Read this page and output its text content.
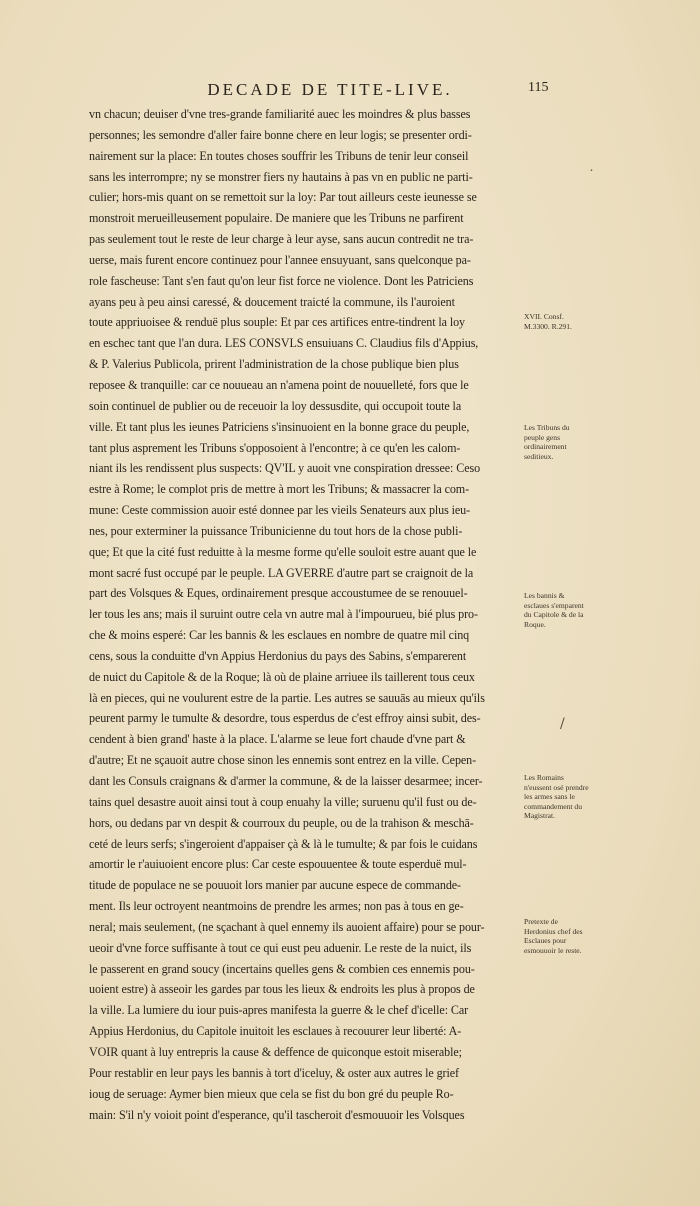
DECADE DE TITE-LIVE.	115
vn chacun; deuiser d'vne tres-grande familiarité auec les moindres & plus basses
personnes; les semondre d'aller faire bonne chere en leur logis; se presenter ordi-
nairement sur la place: En toutes choses souffrir les Tribuns de tenir leur conseil
sans les interrompre; ny se monstrer fiers ny hautains à pas vn en public ne parti-
culier; hors-mis quant on se remettoit sur la loy: Par tout ailleurs ceste ieunesse se
monstroit merueilleusement populaire. De maniere que les Tribuns ne parfirent
pas seulement tout le reste de leur charge à leur ayse, sans aucun contredit ne tra-
uerse, mais furent encore continuez pour l'annee ensuyuant, sans quelconque pa-
role fascheuse: Tant s'en faut qu'on leur fist force ne violence. Dont les Patriciens
ayans peu à peu ainsi caressé, & doucement traicté la commune, ils l'auroient
toute appriuoisee & renduë plus souple: Et par ces artifices entre-tindrent la loy
en eschec tant que l'an dura. LES CONSVLS ensuiuans C. Claudius fils d'Appius,
& P. Valerius Publicola, prirent l'administration de la chose publique bien plus
reposee & tranquille: car ce nouueau an n'amena point de nouuelleté, fors que le
soin continuel de publier ou de receuoir la loy dessusdite, qui occupoit toute la
ville. Et tant plus les ieunes Patriciens s'insinuoient en la bonne grace du peuple,
tant plus asprement les Tribuns s'opposoient à l'encontre; à ce qu'en les calom-
niant ils les rendissent plus suspects: QV'IL y auoit vne conspiration dressee: Ceso
estre à Rome; le complot pris de mettre à mort les Tribuns; & massacrer la com-
mune: Ceste commission auoir esté donnee par les vieils Senateurs aux plus ieu-
nes, pour exterminer la puissance Tribunicienne du tout hors de la chose publi-
que; Et que la cité fust reduitte à la mesme forme qu'elle souloit estre auant que le
mont sacré fust occupé par le peuple. LA GVERRE d'autre part se craignoit de la
part des Volsques & Eques, ordinairement presque accoustumee de se renouuel-
ler tous les ans; mais il suruint outre cela vn autre mal à l'impourueu, bié plus pro-
che & moins esperé: Car les bannis & les esclaues en nombre de quatre mil cinq
cens, sous la conduitte d'vn Appius Herdonius du pays des Sabins, s'emparerent
de nuict du Capitole & de la Roque; là où de plaine arriuee ils taillerent tous ceux
là en pieces, qui ne voulurent estre de la partie. Les autres se sauuās au mieux qu'ils
peurent parmy le tumulte & desordre, tous esperdus de c'est effroy ainsi subit, des-
cendent à bien grand' haste à la place. L'alarme se leue fort chaude d'vne part &
d'autre; Et ne sçauoit autre chose sinon les ennemis sont entrez en la ville. Cepen-
dant les Consuls craignans & d'armer la commune, & de la laisser desarmee; incer-
tains quel desastre auoit ainsi tout à coup enuahy la ville; suruenu qu'il fust ou de-
hors, ou dedans par vn despit & courroux du peuple, ou de la trahison & meschā-
ceté de leurs serfs; s'ingeroient d'appaiser çà & là le tumulte; & par fois le cuidans
amortir le r'auiuoient encore plus: Car ceste espouuentee & toute esperduë mul-
titude de populace ne se pouuoit lors manier par aucune espece de commande-
ment. Ils leur octroyent neantmoins de prendre les armes; non pas à tous en ge-
neral; mais seulement, (ne sçachant à quel ennemy ils auoient affaire) pour se pour-
ueoir d'vne force suffisante à tout ce qui eust peu aduenir. Le reste de la nuict, ils
le passerent en grand soucy (incertains quelles gens & combien ces ennemis pou-
uoient estre) à asseoir les gardes par tous les lieux & endroits les plus à propos de
la ville. La lumiere du iour puis-apres manifesta la guerre & le chef d'icelle: Car
Appius Herdonius, du Capitole inuitoit les esclaues à recouurer leur liberté: A-
VOIR quant à luy entrepris la cause & deffence de quiconque estoit miserable;
Pour restablir en leur pays les bannis à tort d'iceluy, & oster aux autres le grief
ioug de seruage: Aymer bien mieux que cela se fist du bon gré du peuple Ro-
main: S'il n'y voioit point d'esperance, qu'il tascheroit d'esmouuoir les Volsques
XVII. Consf. M.3300. R.291.
Les Tribuns du peuple gens ordinairement seditieux.
Les bannis & esclaues s'emparent du Capitole & de la Roque.
Les Romains n'eussent osé prendre les armes sans le commandement du Magistrat.
Pretexte de Herdonius chef des Esclaues pour esmouuoir le reste.
˙
/
